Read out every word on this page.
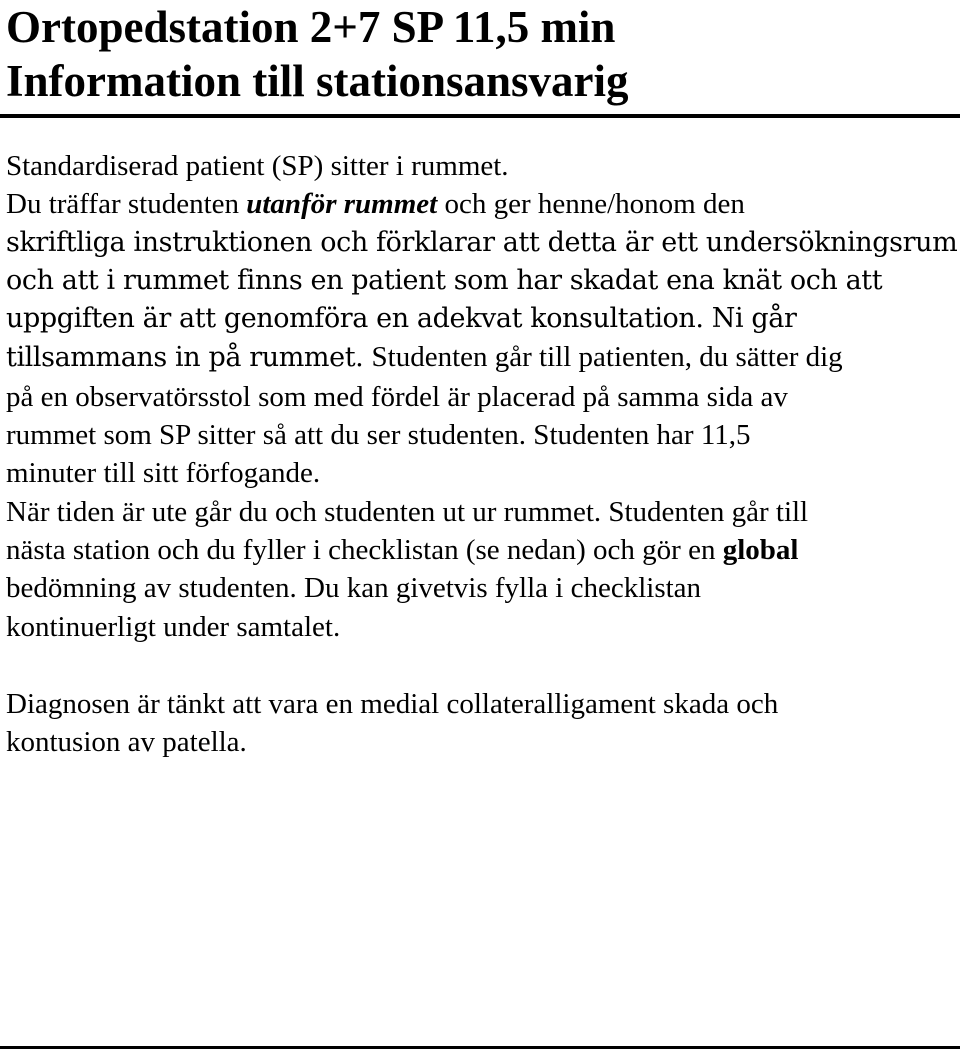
Ortopedstation 2+7 SP 11,5 min

Information till stationsansvarig

Standardiserad patient (SP) sitter i rummet.

Du träffar studenten utanför rummet och ger henne/honom den

skriftliga instruktionen och förklarar att detta är ett undersökningsrum

och att i rummet finns en patient som har skadat ena knät och att

uppgiften är att genomföra en adekvat konsultation. Ni går

tillsammans in på rummet. Studenten går till patienten, du sätter dig

på en observatörsstol som med fördel är placerad på samma sida av

rummet som SP sitter så att du ser studenten. Studenten har 11,5

minuter till sitt förfogande.

När tiden är ute går du och studenten ut ur rummet. Studenten går till

nästa station och du fyller i checklistan (se nedan) och gör en global

bedömning av studenten. Du kan givetvis fylla i checklistan

kontinuerligt under samtalet.

Diagnosen är tänkt att vara en medial collateralligament skada och

kontusion av patella.
